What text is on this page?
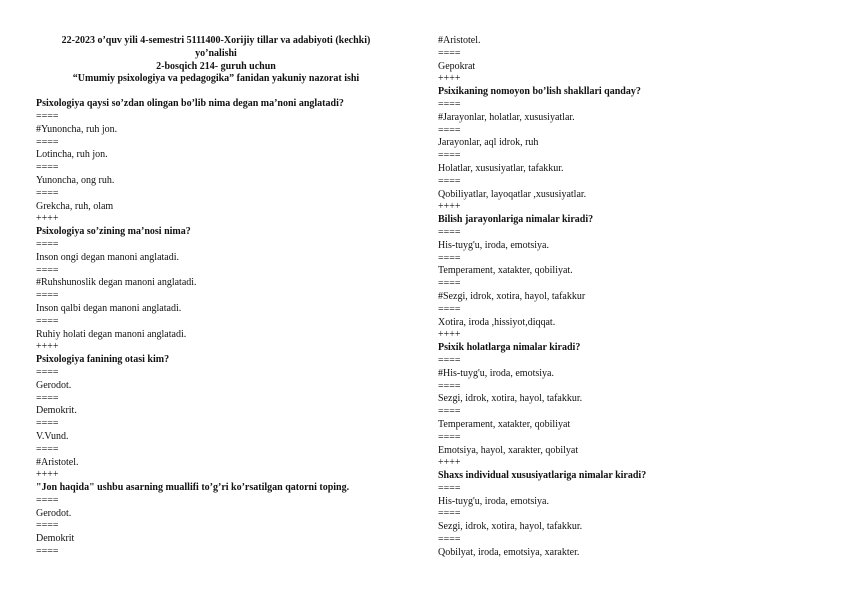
22-2023 o’quv yili 4-semestri 5111400-Xorijiy tillar va adabiyoti (kechki)
yo’nalishi
2-bosqich 214- guruh uchun
“Umumiy psixologiya va pedagogika” fanidan yakuniy nazorat ishi
Psixologiya qaysi so’zdan olingan bo’lib nima degan ma’noni anglatadi?
====
#Yunoncha, ruh jon.
====
Lotincha, ruh jon.
====
Yunoncha, ong ruh.
====
Grekcha, ruh, olam
++++
Psixologiya so’zining ma’nosi nima?
====
Inson ongi degan manoni anglatadi.
====
#Ruhshunoslik degan manoni anglatadi.
====
Inson qalbi degan manoni anglatadi.
====
Ruhiy holati degan manoni anglatadi.
++++
Psixologiya fanining otasi kim?
====
Gerodot.
====
Demokrit.
====
V.Vund.
====
#Aristotel.
++++
"Jon haqida" ushbu asarning muallifi to’g’ri ko’rsatilgan qatorni toping.
====
Gerodot.
====
Demokrit
====
#Aristotel.
====
Gepokrat
++++
Psixikaning nomoyon bo’lish shakllari qanday?
====
#Jarayonlar, holatlar, xususiyatlar.
====
Jarayonlar, aql idrok, ruh
====
Holatlar, xususiyatlar, tafakkur.
====
Qobiliyatlar, layoqatlar ,xususiyatlar.
++++
Bilish jarayonlariga nimalar kiradi?
====
His-tuyg'u, iroda, emotsiya.
====
Temperament, xatakter, qobiliyat.
====
#Sezgi, idrok, xotira, hayol, tafakkur
====
Xotira, iroda ,hissiyot,diqqat.
++++
Psixik holatlarga nimalar kiradi?
====
#His-tuyg'u, iroda, emotsiya.
====
Sezgi, idrok, xotira, hayol, tafakkur.
====
Temperament, xatakter, qobiliyat
====
Emotsiya, hayol, xarakter, qobilyat
++++
Shaxs individual xususiyatlariga nimalar kiradi?
====
His-tuyg'u, iroda, emotsiya.
====
Sezgi, idrok, xotira, hayol, tafakkur.
====
Qobilyat, iroda, emotsiya, xarakter.
